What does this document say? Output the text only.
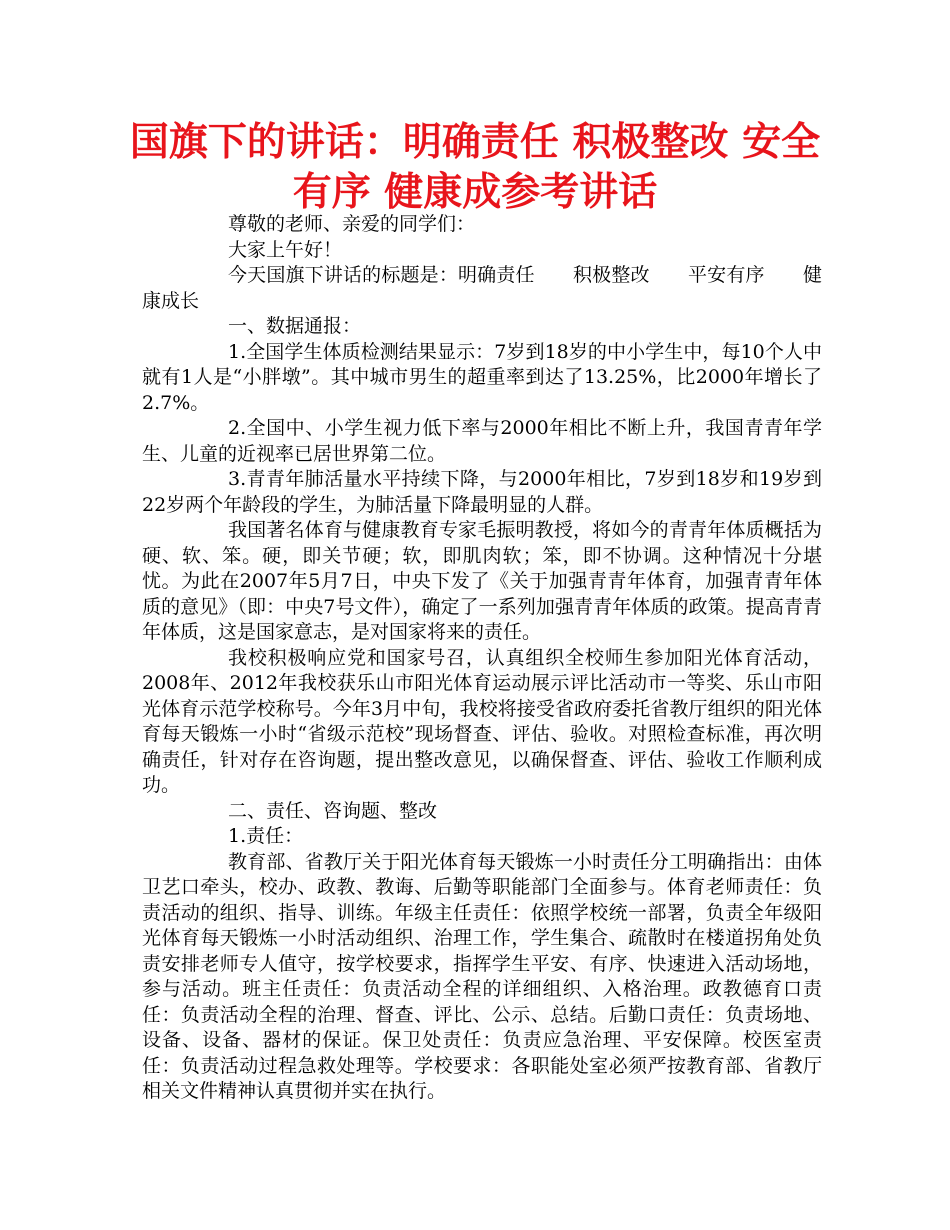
国旗下的讲话：明确责任 积极整改 安全
有序 健康成参考讲话

尊敬的老师、亲爱的同学们：

大家上午好！

今天国旗下讲话的标题是：明确责任　　积极整改　　平安有序　　健康成长

一、数据通报：

1.全国学生体质检测结果显示：7岁到18岁的中小学生中，每10个人中就有1人是“小胖墩”。其中城市男生的超重率到达了13.25%，比2000年增长了2.7%。

2.全国中、小学生视力低下率与2000年相比不断上升，我国青青年学生、儿童的近视率已居世界第二位。

3.青青年肺活量水平持续下降，与2000年相比，7岁到18岁和19岁到22岁两个年龄段的学生，为肺活量下降最明显的人群。

我国著名体育与健康教育专家毛振明教授，将如今的青青年体质概括为硬、软、笨。硬，即关节硬；软，即肌肉软；笨，即不协调。这种情况十分堪忧。为此在2007年5月7日，中央下发了《关于加强青青年体育，加强青青年体质的意见》（即：中央7号文件），确定了一系列加强青青年体质的政策。提高青青年体质，这是国家意志，是对国家将来的责任。

我校积极响应党和国家号召，认真组织全校师生参加阳光体育活动，2008年、2012年我校获乐山市阳光体育运动展示评比活动市一等奖、乐山市阳光体育示范学校称号。今年3月中旬，我校将接受省政府委托省教厅组织的阳光体育每天锻炼一小时“省级示范校”现场督查、评估、验收。对照检查标准，再次明确责任，针对存在咨询题，提出整改意见，以确保督查、评估、验收工作顺利成功。

二、责任、咨询题、整改

1.责任：

教育部、省教厅关于阳光体育每天锻炼一小时责任分工明确指出：由体卫艺口牵头，校办、政教、教诲、后勤等职能部门全面参与。体育老师责任：负责活动的组织、指导、训练。年级主任责任：依照学校统一部署，负责全年级阳光体育每天锻炼一小时活动组织、治理工作，学生集合、疏散时在楼道拐角处负责安排老师专人值守，按学校要求，指挥学生平安、有序、快速进入活动场地，参与活动。班主任责任：负责活动全程的详细组织、入格治理。政教德育口责任：负责活动全程的治理、督查、评比、公示、总结。后勤口责任：负责场地、设备、设备、器材的保证。保卫处责任：负责应急治理、平安保障。校医室责任：负责活动过程急救处理等。学校要求：各职能处室必须严按教育部、省教厅相关文件精神认真贯彻并实在执行。
